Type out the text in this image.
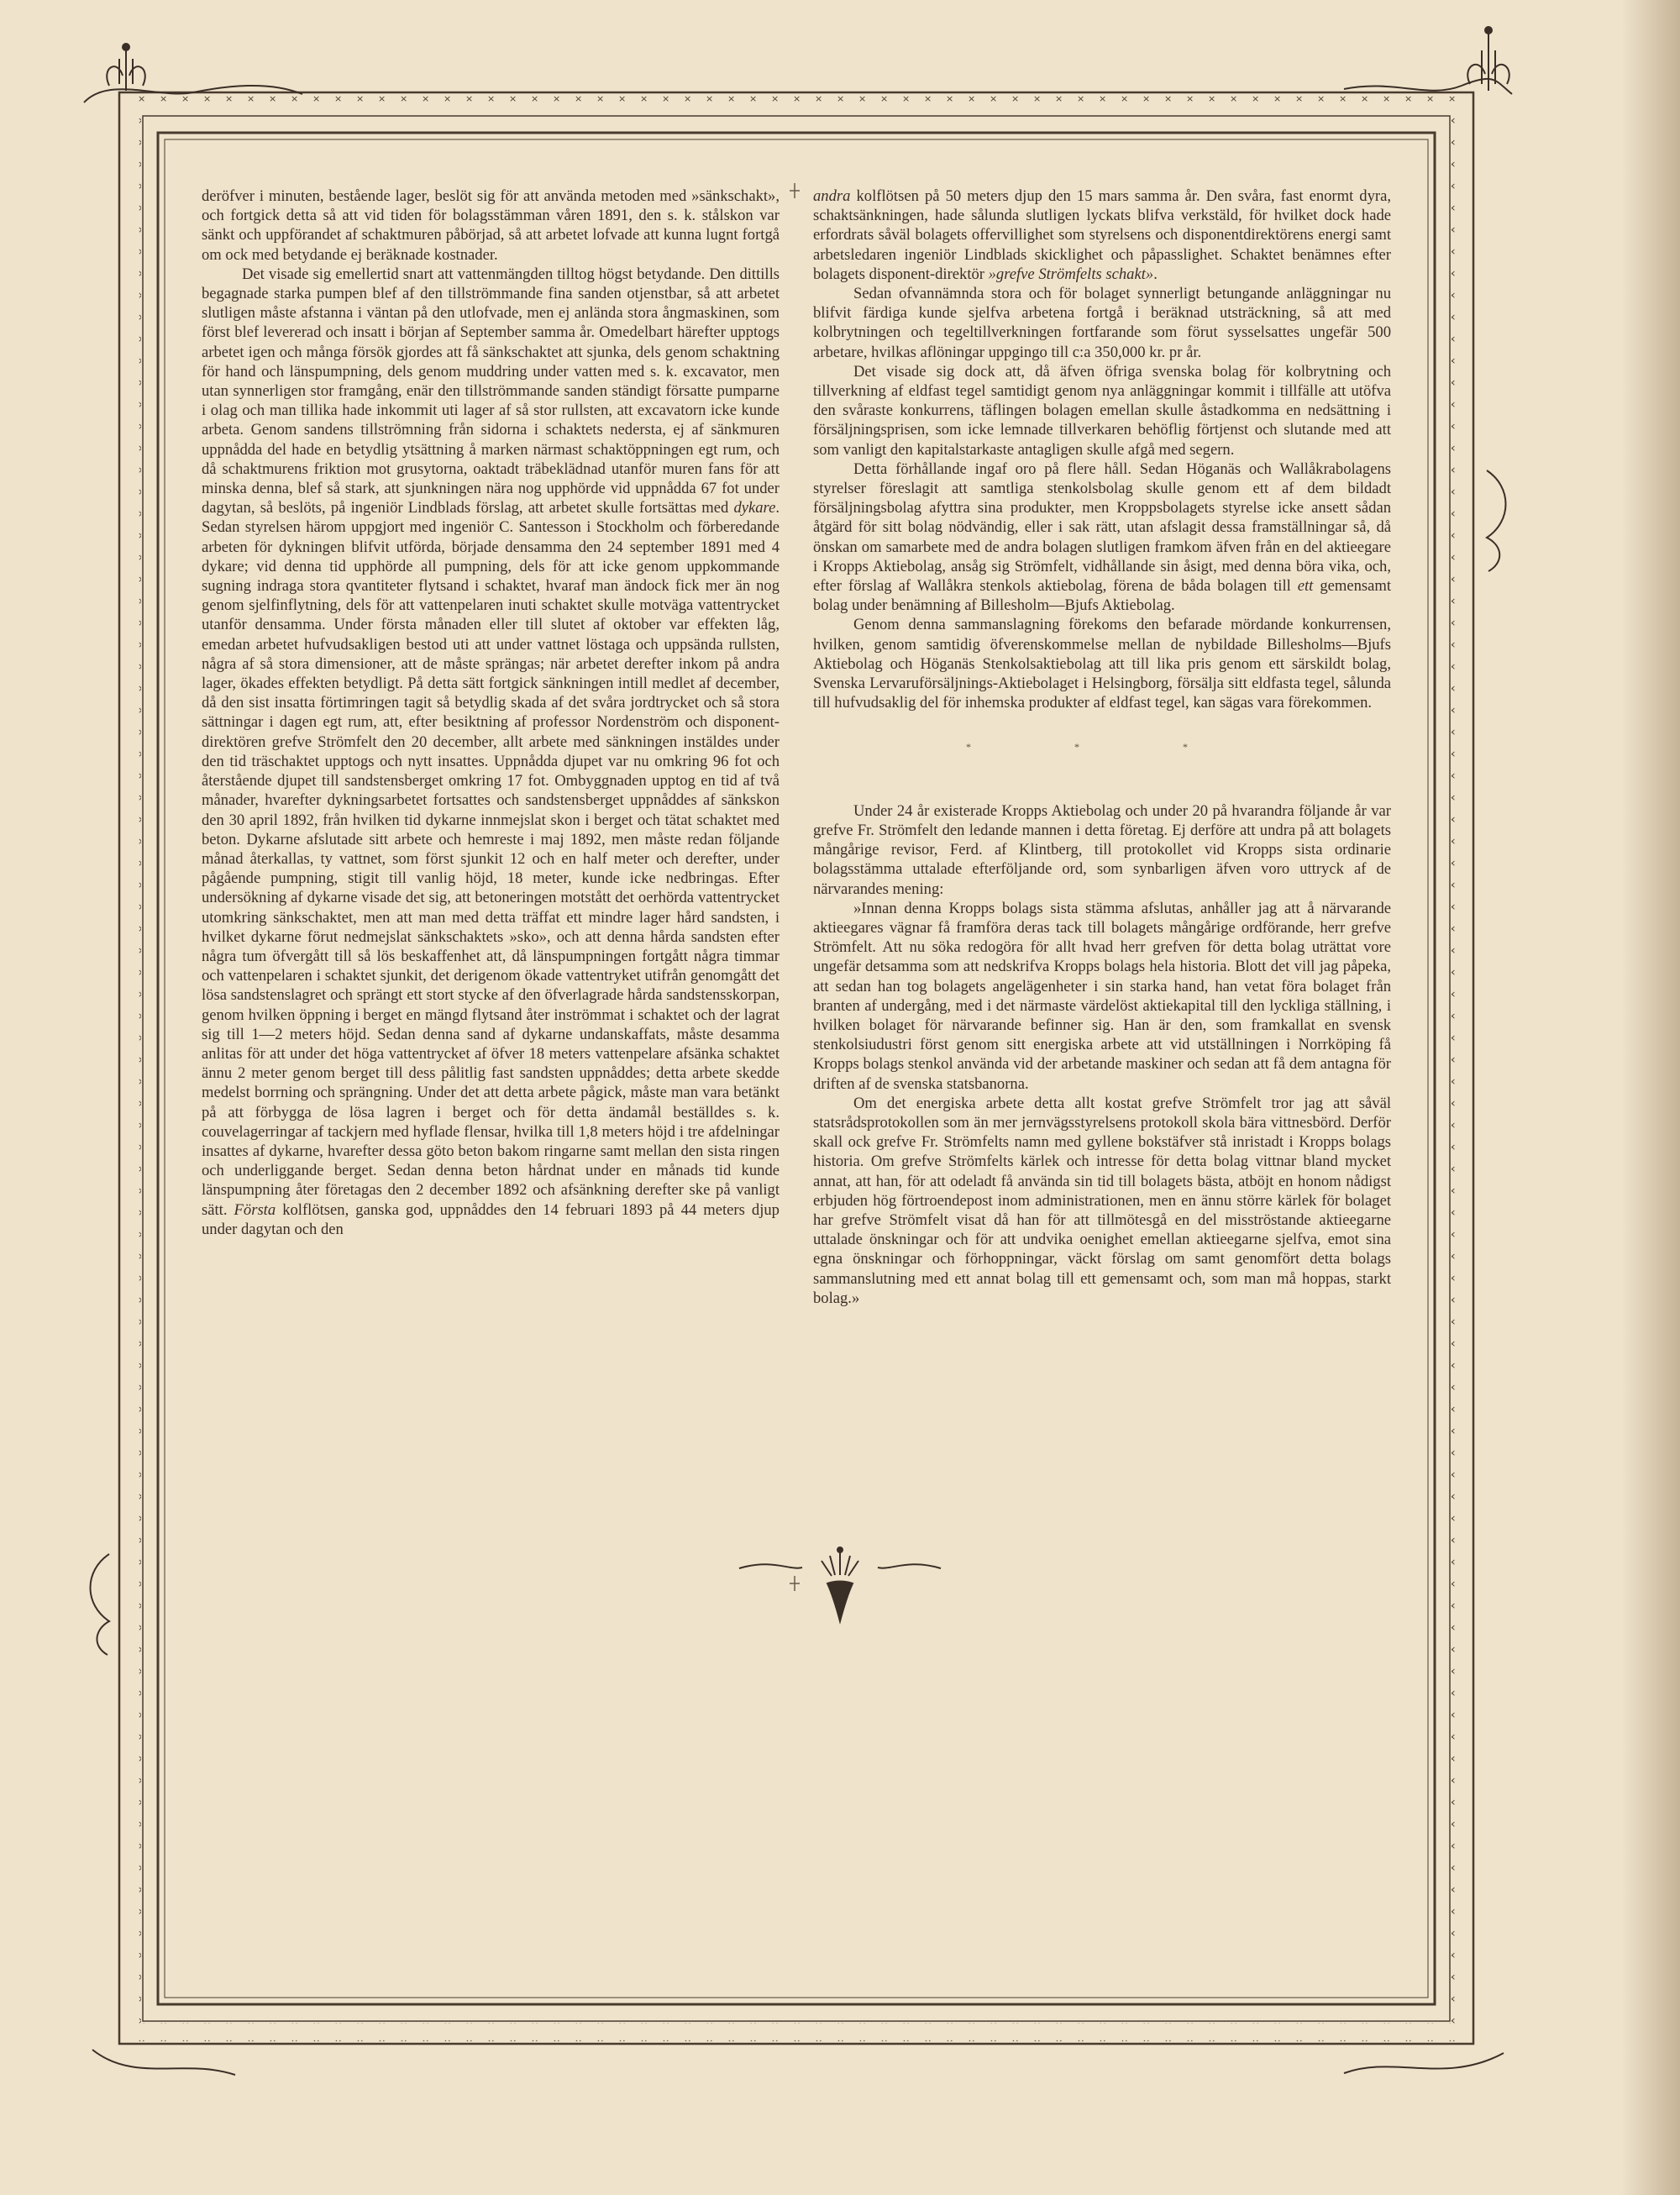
deröfver i minuten, bestående lager, beslöt sig för att använda metoden med »sänkschakt», och fortgick detta så att vid tiden för bolagsstämman våren 1891, den s. k. stålskon var sänkt och uppförandet af schaktmuren påbörjad, så att arbetet lofvade att kunna lugnt fortgå om ock med betydande ej beräknade kostnader.

Det visade sig emellertid snart att vattenmängden tilltog högst betydande. Den dittills begagnade starka pumpen blef af den tillströmmande fina sanden otjenstbar, så att arbetet slutligen måste afstanna i väntan på den utlofvade, men ej anlända stora ångmaskinen, som först blef levererad och insatt i början af September samma år. Omedelbart härefter upptogs arbetet igen och många försök gjordes att få sänkschaktet att sjunka, dels genom schaktning för hand och länspumpning, dels genom muddring under vatten med s. k. excavator, men utan synnerligen stor framgång, enär den tillströmmande sanden ständigt försatte pumparne i olag och man tillika hade inkommit uti lager af så stor rullsten, att excavatorn icke kunde arbeta. Genom sandens tillströmning från sidorna i schaktets nedersta, ej af sänkmuren uppnådda del hade en betydlig ytsättning å marken närmast schaktöppningen egt rum, och då schaktmurens friktion mot grusytorna, oaktadt träbeklädnad utanför muren fans för att minska denna, blef så stark, att sjunkningen nära nog upphörde vid uppnådda 67 fot under dagytan, så beslöts, på ingeniör Lindblads förslag, att arbetet skulle fortsättas med dykare. Sedan styrelsen härom uppgjort med ingeniör C. Santesson i Stockholm och förberedande arbeten för dykningen blifvit utförda, började densamma den 24 september 1891 med 4 dykare; vid denna tid upphörde all pumpning, dels för att icke genom uppkommande sugning indraga stora qvantiteter flytsand i schaktet, hvaraf man ändock fick mer än nog genom sjelfinflytning, dels för att vattenpelaren inuti schaktet skulle motväga vattentrycket utanför densamma. Under första månaden eller till slutet af oktober var effekten låg, emedan arbetet hufvudsakligen bestod uti att under vattnet löstaga och uppsända rullsten, några af så stora dimensioner, att de måste sprängas; när arbetet derefter inkom på andra lager, ökades effekten betydligt. På detta sätt fortgick sänkningen intill medlet af december, då den sist insatta förtimringen tagit så betydlig skada af det svåra jordtrycket och så stora sättningar i dagen egt rum, att, efter besiktning af professor Nordenström och disponent-direktören grefve Strömfelt den 20 december, allt arbete med sänkningen instäldes under den tid träschaktet upptogs och nytt insattes. Uppnådda djupet var nu omkring 96 fot och återstående djupet till sandstensberget omkring 17 fot. Ombyggnaden upptog en tid af två månader, hvarefter dykningsarbetet fortsattes och sandstensberget uppnåddes af sänkskon den 30 april 1892, från hvilken tid dykarne innmejslat skon i berget och tätat schaktet med beton. Dykarne afslutade sitt arbete och hemreste i maj 1892, men måste redan följande månad återkallas, ty vattnet, som först sjunkit 12 och en half meter och derefter, under pågående pumpning, stigit till vanlig höjd, 18 meter, kunde icke nedbringas. Efter undersökning af dykarne visade det sig, att betoneringen motstått det oerhörda vattentrycket utomkring sänkschaktet, men att man med detta träffat ett mindre lager hård sandsten, i hvilket dykarne förut nedmejslat sänkschaktets »sko», och att denna hårda sandsten efter några tum öfvergått till så lös beskaffenhet att, då länspumpningen fortgått några timmar och vattenpelaren i schaktet sjunkit, det derigenom ökade vattentryket utifrån genomgått det lösa sandstenslagret och sprängt ett stort stycke af den öfverlagrade hårda sandstensskorpan, genom hvilken öppning i berget en mängd flytsand åter inströmmat i schaktet och der lagrat sig till 1—2 meters höjd. Sedan denna sand af dykarne undanskaffats, måste desamma anlitas för att under det höga vattentrycket af öfver 18 meters vattenpelare afsänka schaktet ännu 2 meter genom berget till dess pålitlig fast sandsten uppnåddes; detta arbete skedde medelst borrning och sprängning. Under det att detta arbete pågick, måste man vara betänkt på att förbygga de lösa lagren i berget och för detta ändamål beställdes s. k. couvelagerringar af tackjern med hyflade flensar, hvilka till 1,8 meters höjd i tre afdelningar insattes af dykarne, hvarefter dessa göto beton bakom ringarne samt mellan den sista ringen och underliggande berget. Sedan denna beton hårdnat under en månads tid kunde länspumpning åter företagas den 2 december 1892 och afsänkning derefter ske på vanligt sätt. Första kolflötsen, ganska god, uppnåddes den 14 februari 1893 på 44 meters djup under dagytan och den

andra kolflötsen på 50 meters djup den 15 mars samma år. Den svåra, fast enormt dyra, schaktsänkningen, hade sålunda slutligen lyckats blifva verkstäld, för hvilket dock hade erfordrats såväl bolagets offervillighet som styrelsens och disponentdirektörens energi samt arbetsledaren ingeniör Lindblads skicklighet och påpasslighet. Schaktet benämnes efter bolagets disponent-direktör »grefve Strömfelts schakt».

Sedan ofvannämnda stora och för bolaget synnerligt betungande anläggningar nu blifvit färdiga kunde sjelfva arbetena fortgå i beräknad utsträckning, så att med kolbrytningen och tegeltillverkningen fortfarande som förut sysselsattes ungefär 500 arbetare, hvilkas aflöningar uppgingo till c:a 350,000 kr. pr år.

Det visade sig dock att, då äfven öfriga svenska bolag för kolbrytning och tillverkning af eldfast tegel samtidigt genom nya anläggningar kommit i tillfälle att utöfva den svåraste konkurrens, täflingen bolagen emellan skulle åstadkomma en nedsättning i försäljningsprisen, som icke lemnade tillverkaren behöflig förtjenst och slutande med att som vanligt den kapitalstarkaste antagligen skulle afgå med segern.

Detta förhållande ingaf oro på flere håll. Sedan Höganäs och Wallåkrabolagens styrelser föreslagit att samtliga stenkolsbolag skulle genom ett af dem bildadt försäljningsbolag afyttra sina produkter, men Kroppsbolagets styrelse icke ansett sådan åtgärd för sitt bolag nödvändig, eller i sak rätt, utan afslagit dessa framställningar så, då önskan om samarbete med de andra bolagen slutligen framkom äfven från en del aktieegare i Kropps Aktiebolag, ansåg sig Strömfelt, vidhållande sin åsigt, med denna böra vika, och, efter förslag af Wallåkra stenkols aktiebolag, förena de båda bolagen till ett gemensamt bolag under benämning af Billesholm—Bjufs Aktiebolag.

Genom denna sammanslagning förekoms den befarade mördande konkurrensen, hvilken, genom samtidig öfverenskommelse mellan de nybildade Billesholms—Bjufs Aktiebolag och Höganäs Stenkolsaktiebolag att till lika pris genom ett särskildt bolag, Svenska Lervaruförsäljnings-Aktiebolaget i Helsingborg, försälja sitt eldfasta tegel, sålunda till hufvudsaklig del för inhemska produkter af eldfast tegel, kan sägas vara förekommen.

* * *

Under 24 år existerade Kropps Aktiebolag och under 20 på hvarandra följande år var grefve Fr. Strömfelt den ledande mannen i detta företag. Ej derföre att undra på att bolagets mångårige revisor, Ferd. af Klintberg, till protokollet vid Kropps sista ordinarie bolagsstämma uttalade efterföljande ord, som synbarligen äfven voro uttryck af de närvarandes mening:

»Innan denna Kropps bolags sista stämma afslutas, anhåller jag att å närvarande aktieegares vägnar få framföra deras tack till bolagets mångårige ordförande, herr grefve Strömfelt. Att nu söka redogöra för allt hvad herr grefven för detta bolag uträttat vore ungefär detsamma som att nedskrifva Kropps bolags hela historia. Blott det vill jag påpeka, att sedan han tog bolagets angelägenheter i sin starka hand, han vetat föra bolaget från branten af undergång, med i det närmaste värdelöst aktiekapital till den lyckliga ställning, i hvilken bolaget för närvarande befinner sig. Han är den, som framkallat en svensk stenkolsiudustri först genom sitt energiska arbete att vid utställningen i Norrköping få Kropps bolags stenkol använda vid der arbetande maskiner och sedan att få dem antagna för driften af de svenska statsbanorna.

Om det energiska arbete detta allt kostat grefve Strömfelt tror jag att såväl statsrådsprotokollen som än mer jernvägsstyrelsens protokoll skola bära vittnesbörd. Derför skall ock grefve Fr. Strömfelts namn med gyllene bokstäfver stå inristadt i Kropps bolags historia. Om grefve Strömfelts kärlek och intresse för detta bolag vittnar bland mycket annat, att han, för att odeladt få använda sin tid till bolagets bästa, atböjt en honom nådigst erbjuden hög förtroendepost inom administrationen, men en ännu större kärlek för bolaget har grefve Strömfelt visat då han för att tillmötesgå en del misströstande aktieegarne uttalade önskningar och för att undvika oenighet emellan aktieegarne sjelfva, emot sina egna önskningar och förhoppningar, väckt förslag om samt genomfört detta bolags sammanslutning med ett annat bolag till ett gemensamt och, som man må hoppas, starkt bolag.»
